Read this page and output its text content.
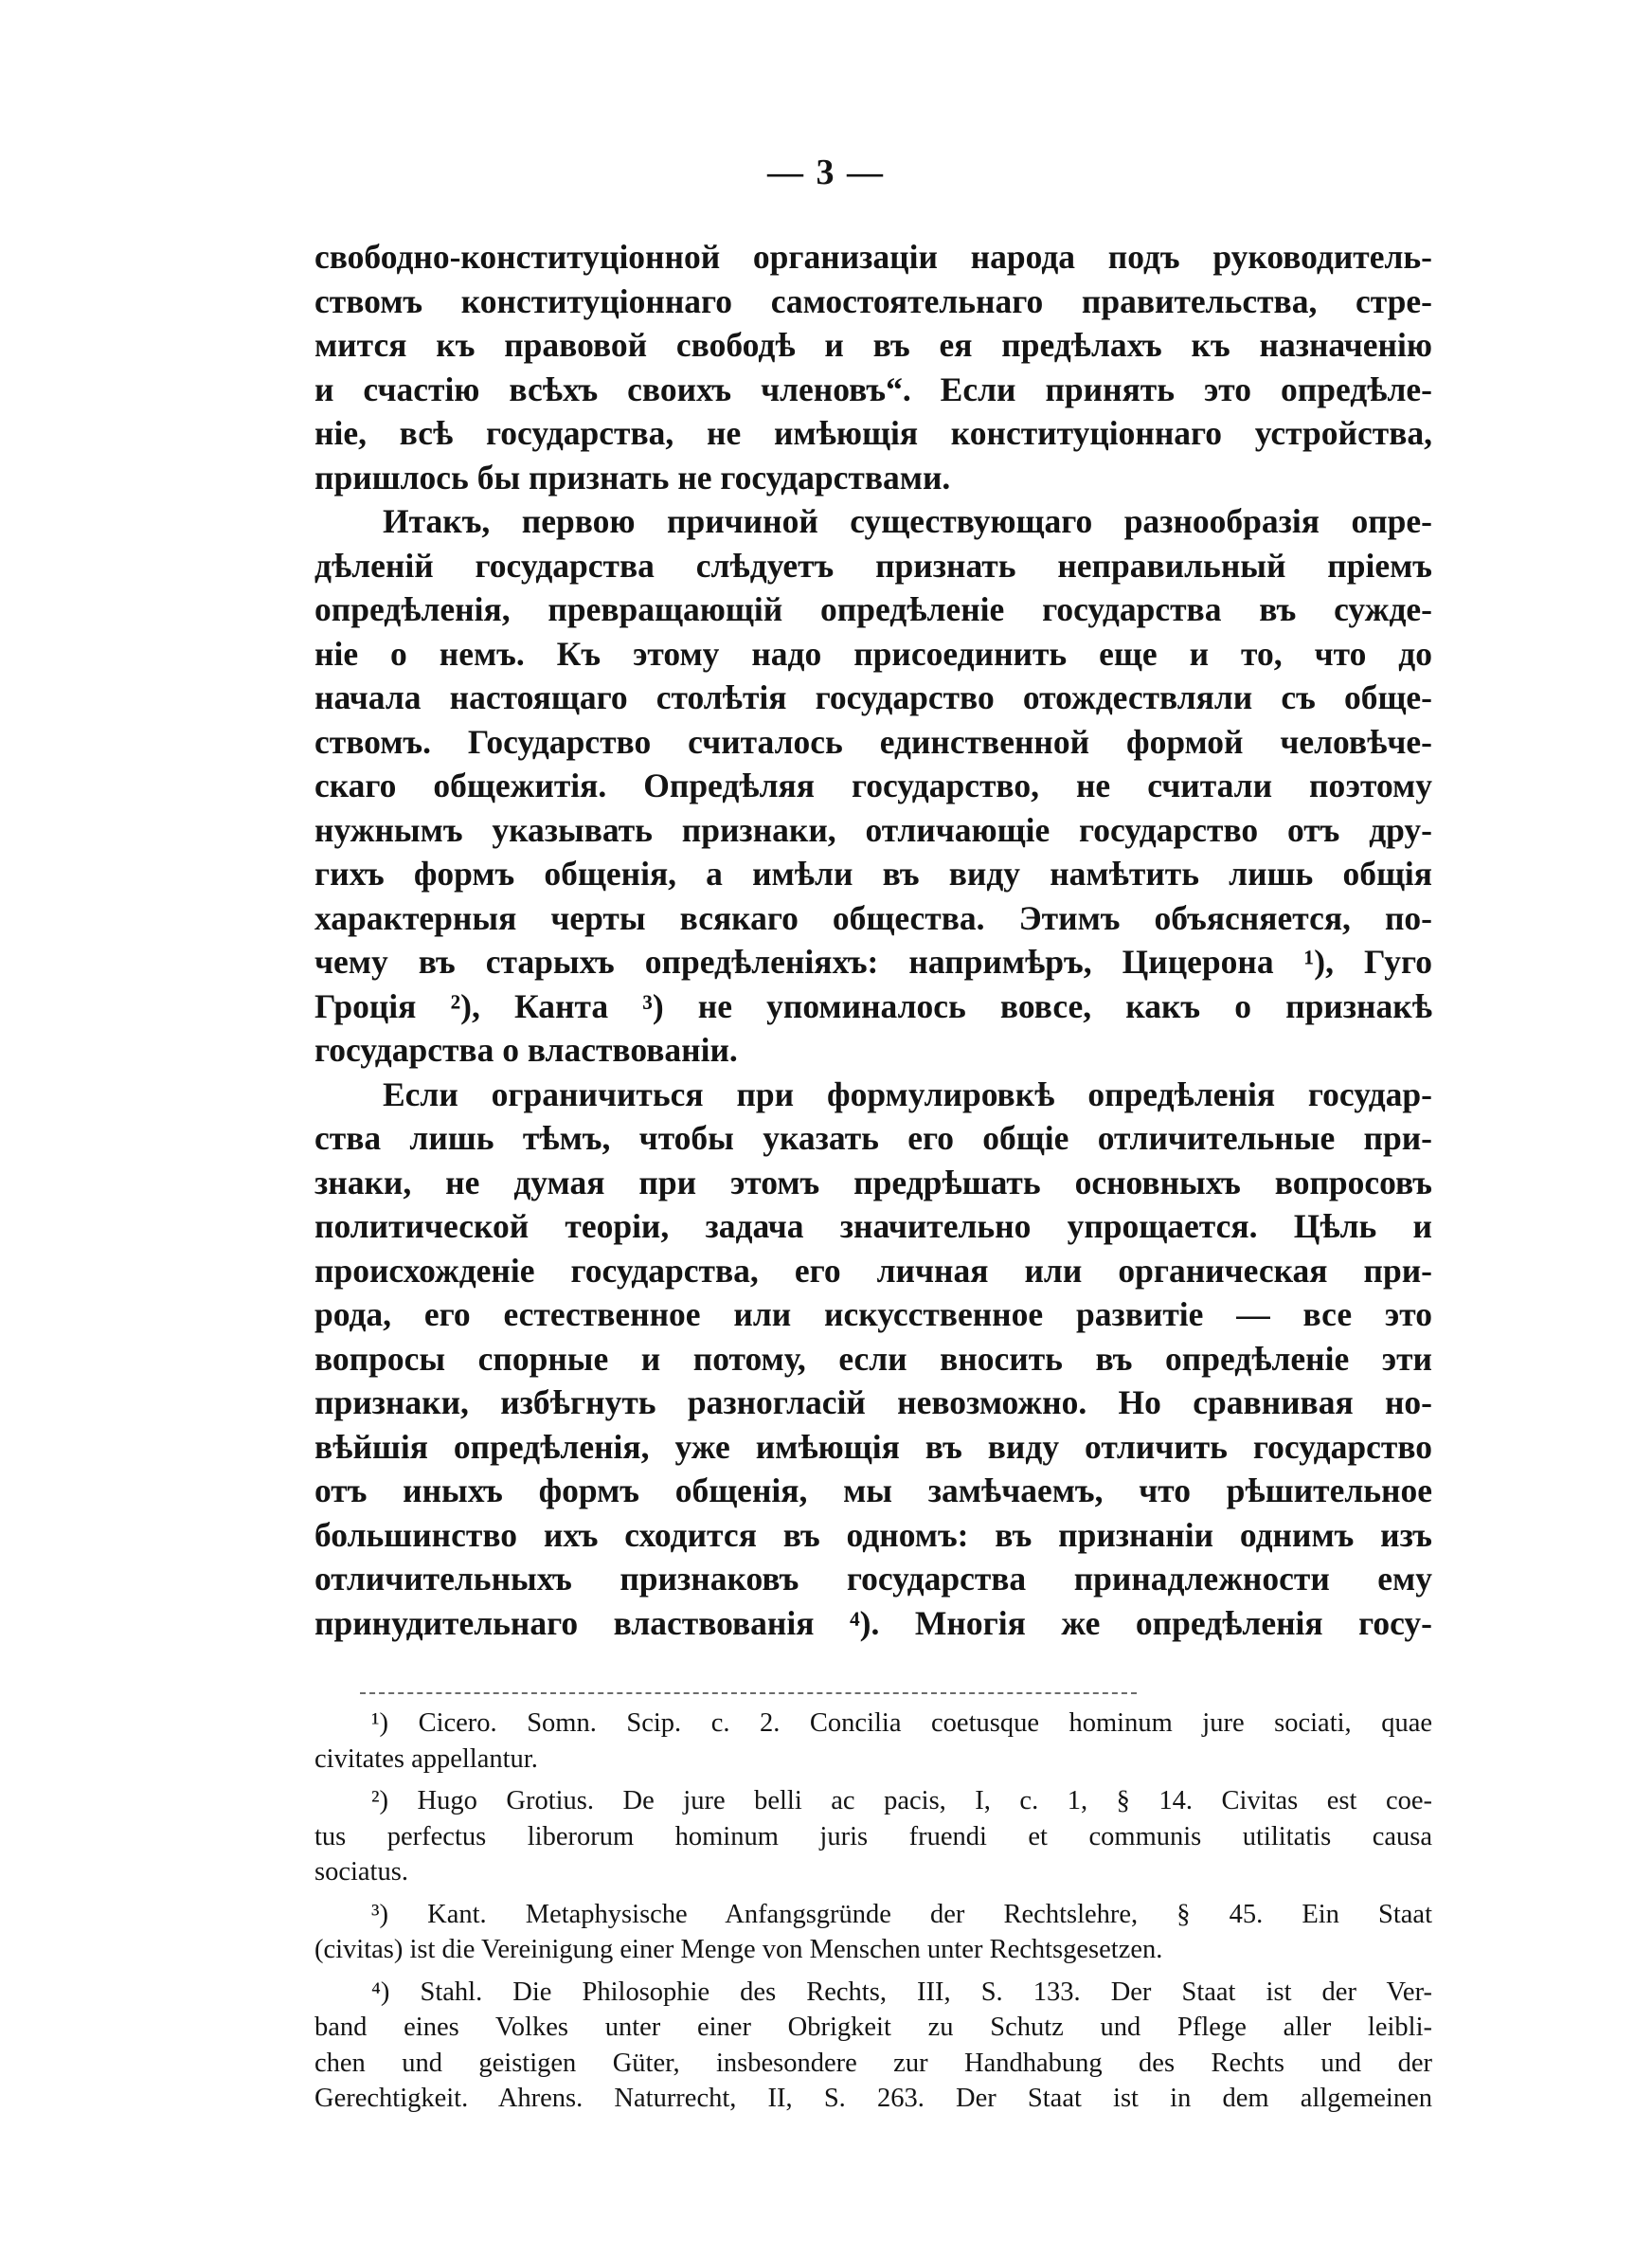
— 3 —
свободно-конституціонной организаціи народа подъ руководитель-
ствомъ конституціоннаго самостоятельнаго правительства, стре-
мится къ правовой свободѣ и въ ея предѣлахъ къ назначенію
и счастію всѣхъ своихъ членовъ“. Если принять это опредѣле-
ніе, всѣ государства, не имѣющія конституціоннаго устройства,
пришлось бы признать не государствами.
Итакъ, первою причиной существующаго разнообразія опре-
дѣленій государства слѣдуетъ признать неправильный пріемъ
опредѣленія, превращающій опредѣленіе государства въ сужде-
ніе о немъ. Къ этому надо присоединить еще и то, что до
начала настоящаго столѣтія государство отождествляли съ обще-
ствомъ. Государство считалось единственной формой человѣче-
скаго общежитія. Опредѣляя государство, не считали поэтому
нужнымъ указывать признаки, отличающіе государство отъ дру-
гихъ формъ общенія, а имѣли въ виду намѣтить лишь общія
характерныя черты всякаго общества. Этимъ объясняется, по-
чему въ старыхъ опредѣленіяхъ: напримѣръ, Цицерона ¹), Гуго
Гроція ²), Канта ³) не упоминалось вовсе, какъ о признакѣ
государства о властвованіи.
Если ограничиться при формулировкѣ опредѣленія государ-
ства лишь тѣмъ, чтобы указать его общіе отличительные при-
знаки, не думая при этомъ предрѣшать основныхъ вопросовъ
политической теоріи, задача значительно упрощается. Цѣль и
происхожденіе государства, его личная или органическая при-
рода, его естественное или искусственное развитіе — все это
вопросы спорные и потому, если вносить въ опредѣленіе эти
признаки, избѣгнуть разногласій невозможно. Но сравнивая но-
вѣйшія опредѣленія, уже имѣющія въ виду отличить государство
отъ иныхъ формъ общенія, мы замѣчаемъ, что рѣшительное
большинство ихъ сходится въ одномъ: въ признаніи однимъ изъ
отличительныхъ признаковъ государства принадлежности ему
принудительнаго властвованія ⁴). Многія же опредѣленія госу-
¹) Cicero. Somn. Scip. c. 2. Concilia coetusque hominum jure sociati, quae
civitates appellantur.
²) Hugo Grotius. De jure belli ac pacis, I, c. 1, § 14. Civitas est coe-
tus perfectus liberorum hominum juris fruendi et communis utilitatis causa
sociatus.
³) Kant. Metaphysische Anfangsgründe der Rechtslehre, § 45. Ein Staat
(civitas) ist die Vereinigung einer Menge von Menschen unter Rechtsgesetzen.
⁴) Stahl. Die Philosophie des Rechts, III, S. 133. Der Staat ist der Ver-
band eines Volkes unter einer Obrigkeit zu Schutz und Pflege aller leibli-
chen und geistigen Güter, insbesondere zur Handhabung des Rechts und der
Gerechtigkeit. Ahrens. Naturrecht, II, S. 263. Der Staat ist in dem allgemeinen
